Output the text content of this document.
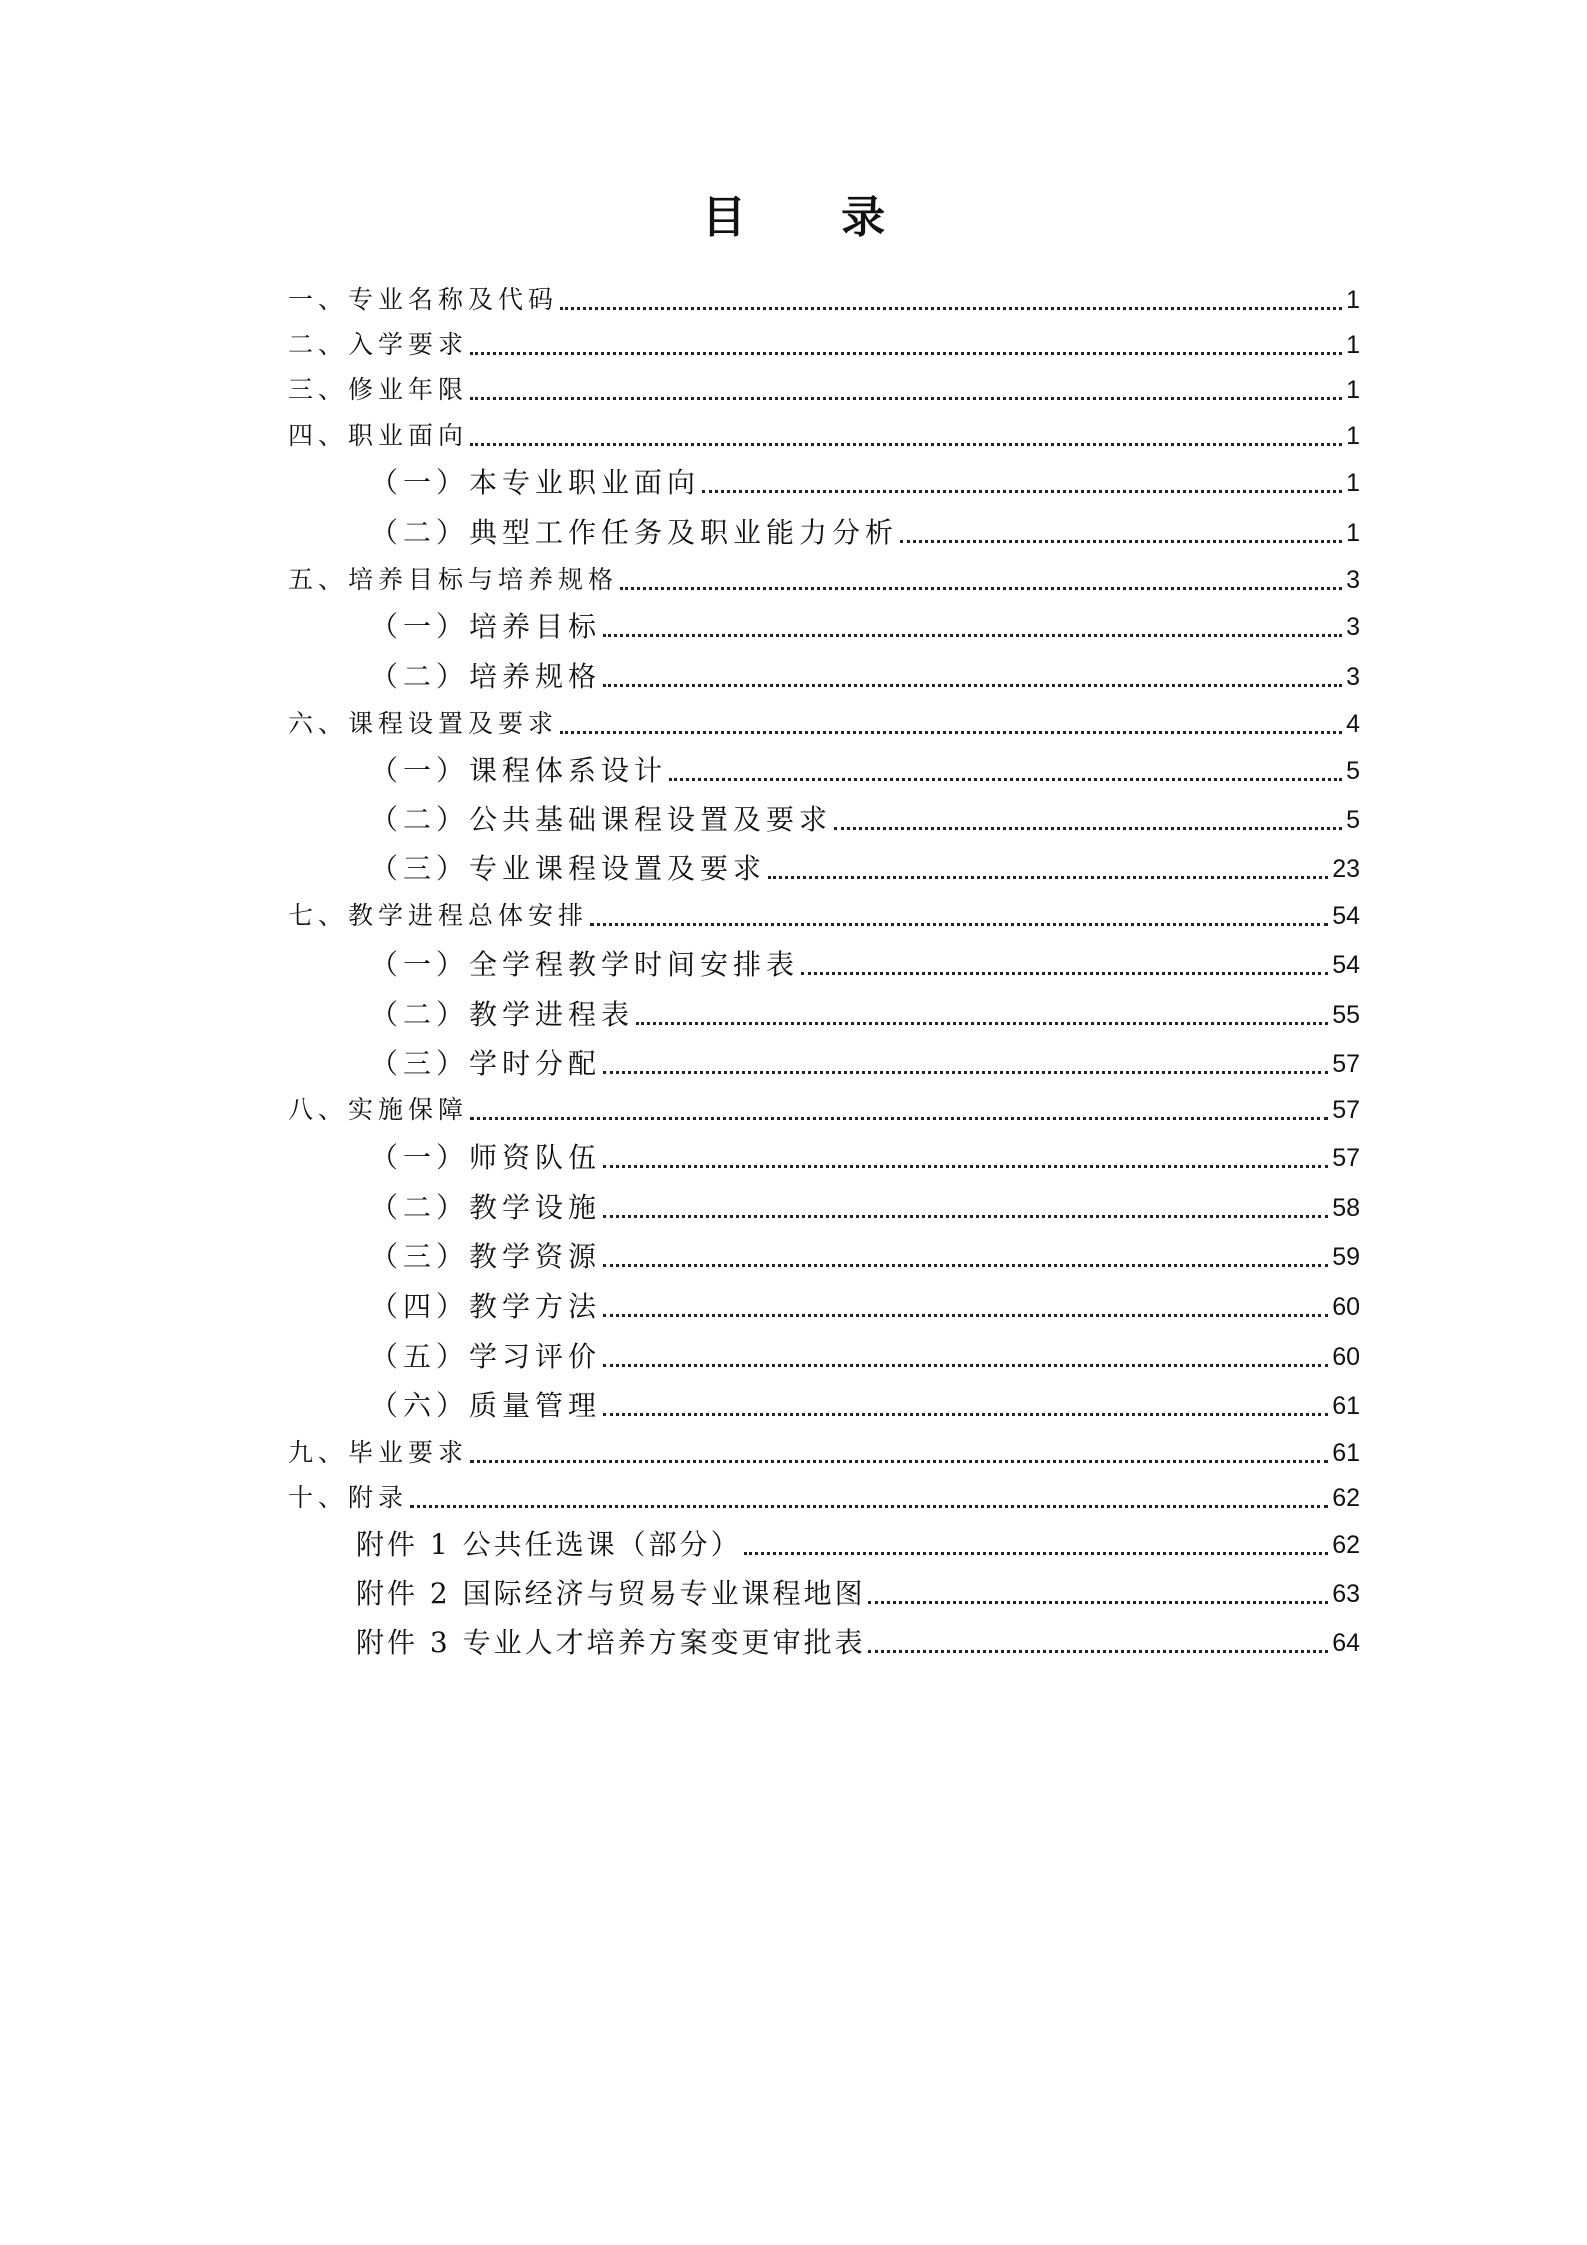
目 录
一、专业名称及代码	1
二、入学要求	1
三、修业年限	1
四、职业面向	1
（一）本专业职业面向	1
（二）典型工作任务及职业能力分析	1
五、培养目标与培养规格	3
（一）培养目标	3
（二）培养规格	3
六、课程设置及要求	4
（一）课程体系设计	5
（二）公共基础课程设置及要求	5
（三）专业课程设置及要求	23
七、教学进程总体安排	54
（一）全学程教学时间安排表	54
（二）教学进程表	55
（三）学时分配	57
八、实施保障	57
（一）师资队伍	57
（二）教学设施	58
（三）教学资源	59
（四）教学方法	60
（五）学习评价	60
（六）质量管理	61
九、毕业要求	61
十、附录	62
附件 1 公共任选课（部分）	62
附件 2 国际经济与贸易专业课程地图	63
附件 3 专业人才培养方案变更审批表	64
